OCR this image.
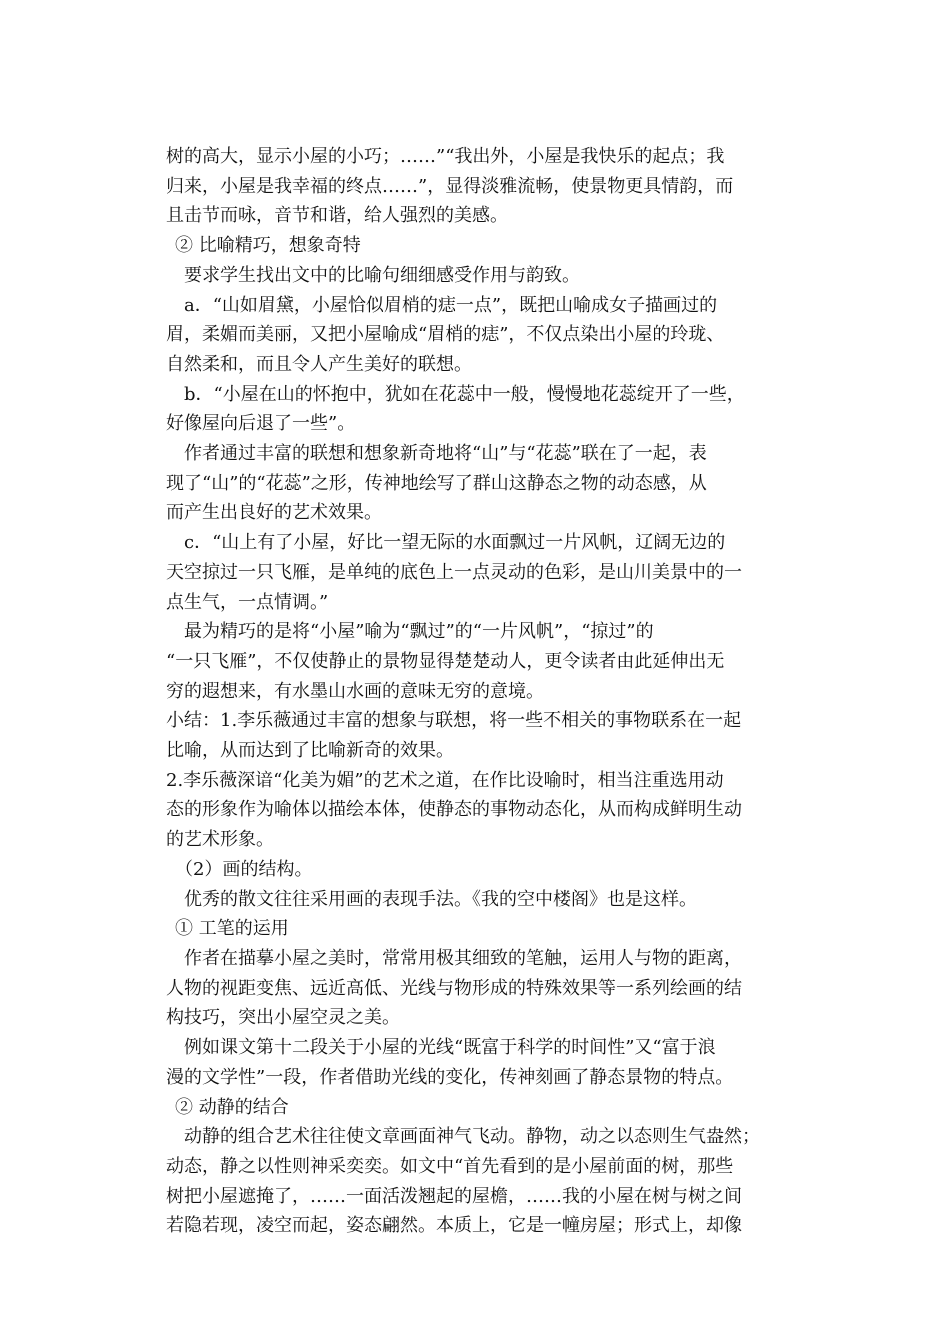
树的高大，显示小屋的小巧；……”“我出外，小屋是我快乐的起点；我
归来，小屋是我幸福的终点……”，显得淡雅流畅，使景物更具情韵，而
且击节而咏，音节和谐，给人强烈的美感。
② 比喻精巧，想象奇特
要求学生找出文中的比喻句细细感受作用与韵致。
a．“山如眉黛，小屋恰似眉梢的痣一点”，既把山喻成女子描画过的
眉，柔媚而美丽，又把小屋喻成“眉梢的痣”，不仅点染出小屋的玲珑、
自然柔和，而且令人产生美好的联想。
b．“小屋在山的怀抱中，犹如在花蕊中一般，慢慢地花蕊绽开了一些，
好像屋向后退了一些”。
作者通过丰富的联想和想象新奇地将“山”与“花蕊”联在了一起，表
现了“山”的“花蕊”之形，传神地绘写了群山这静态之物的动态感，从
而产生出良好的艺术效果。
c．“山上有了小屋，好比一望无际的水面飘过一片风帆，辽阔无边的
天空掠过一只飞雁，是单纯的底色上一点灵动的色彩，是山川美景中的一
点生气，一点情调。”
最为精巧的是将“小屋”喻为“飘过”的“一片风帆”，“掠过”的
“一只飞雁”，不仅使静止的景物显得楚楚动人，更令读者由此延伸出无
穷的遐想来，有水墨山水画的意味无穷的意境。
小结：1.李乐薇通过丰富的想象与联想，将一些不相关的事物联系在一起
比喻，从而达到了比喻新奇的效果。
2.李乐薇深谙“化美为媚”的艺术之道，在作比设喻时，相当注重选用动
态的形象作为喻体以描绘本体，使静态的事物动态化，从而构成鲜明生动
的艺术形象。
（2）画的结构。
优秀的散文往往采用画的表现手法。《我的空中楼阁》也是这样。
① 工笔的运用
作者在描摹小屋之美时，常常用极其细致的笔触，运用人与物的距离，
人物的视距变焦、远近高低、光线与物形成的特殊效果等一系列绘画的结
构技巧，突出小屋空灵之美。
例如课文第十二段关于小屋的光线“既富于科学的时间性”又“富于浪
漫的文学性”一段，作者借助光线的变化，传神刻画了静态景物的特点。
② 动静的结合
动静的组合艺术往往使文章画面神气飞动。静物，动之以态则生气盎然；
动态，静之以性则神采奕奕。如文中“首先看到的是小屋前面的树，那些
树把小屋遮掩了，……一面活泼翘起的屋檐，……我的小屋在树与树之间
若隐若现，凌空而起，姿态翩然。本质上，它是一幢房屋；形式上，却像
